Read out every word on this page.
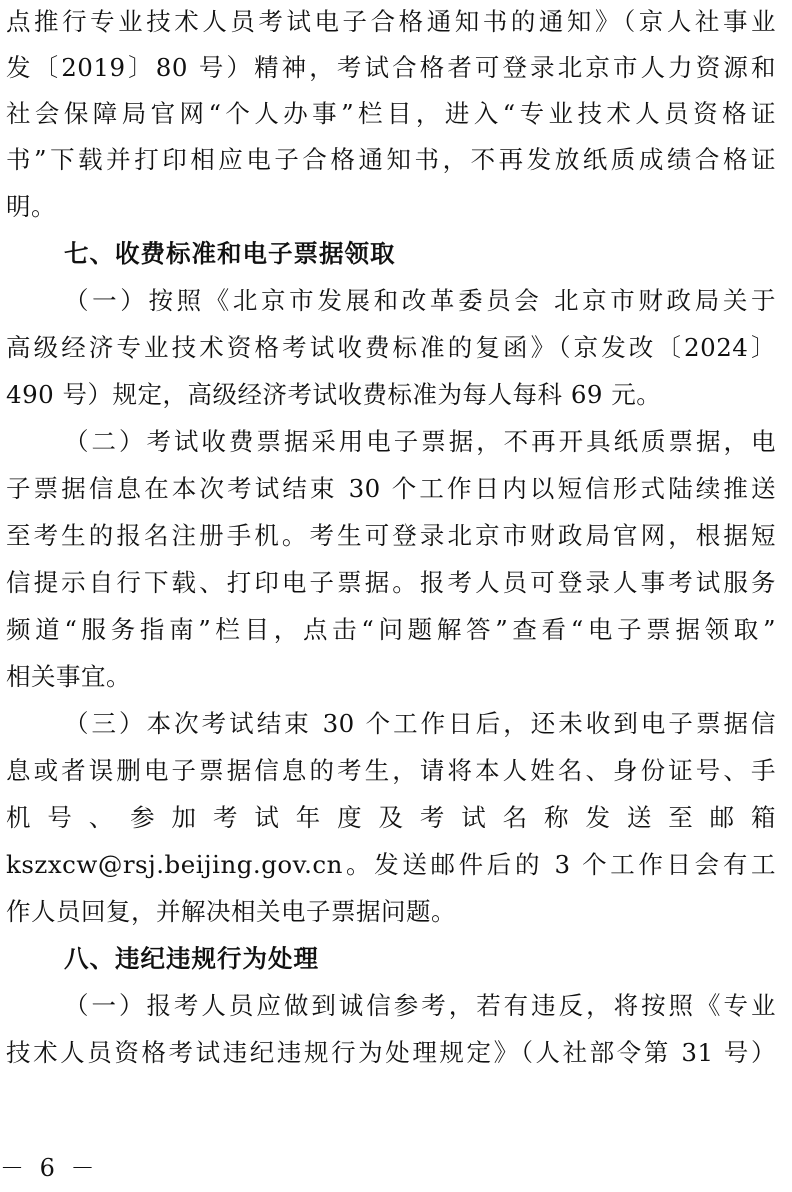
点推行专业技术人员考试电子合格通知书的通知》（京人社事业
发〔2019〕80 号）精神，考试合格者可登录北京市人力资源和
社会保障局官网“个人办事”栏目，进入“专业技术人员资格证
书”下载并打印相应电子合格通知书，不再发放纸质成绩合格证
明。
七、收费标准和电子票据领取
（一）按照《北京市发展和改革委员会 北京市财政局关于
高级经济专业技术资格考试收费标准的复函》（京发改〔2024〕
490 号）规定，高级经济考试收费标准为每人每科 69 元。
（二）考试收费票据采用电子票据，不再开具纸质票据，电
子票据信息在本次考试结束 30 个工作日内以短信形式陆续推送
至考生的报名注册手机。考生可登录北京市财政局官网，根据短
信提示自行下载、打印电子票据。报考人员可登录人事考试服务
频道“服务指南”栏目，点击“问题解答”查看“电子票据领取”
相关事宜。
（三）本次考试结束 30 个工作日后，还未收到电子票据信
息或者误删电子票据信息的考生，请将本人姓名、身份证号、手
机号、参加考试年度及考试名称发送至邮箱
kszxcw@rsj.beijing.gov.cn。发送邮件后的 3 个工作日会有工
作人员回复，并解决相关电子票据问题。
八、违纪违规行为处理
（一）报考人员应做到诚信参考，若有违反，将按照《专业
技术人员资格考试违纪违规行为处理规定》（人社部令第 31 号）
－ 6 －
